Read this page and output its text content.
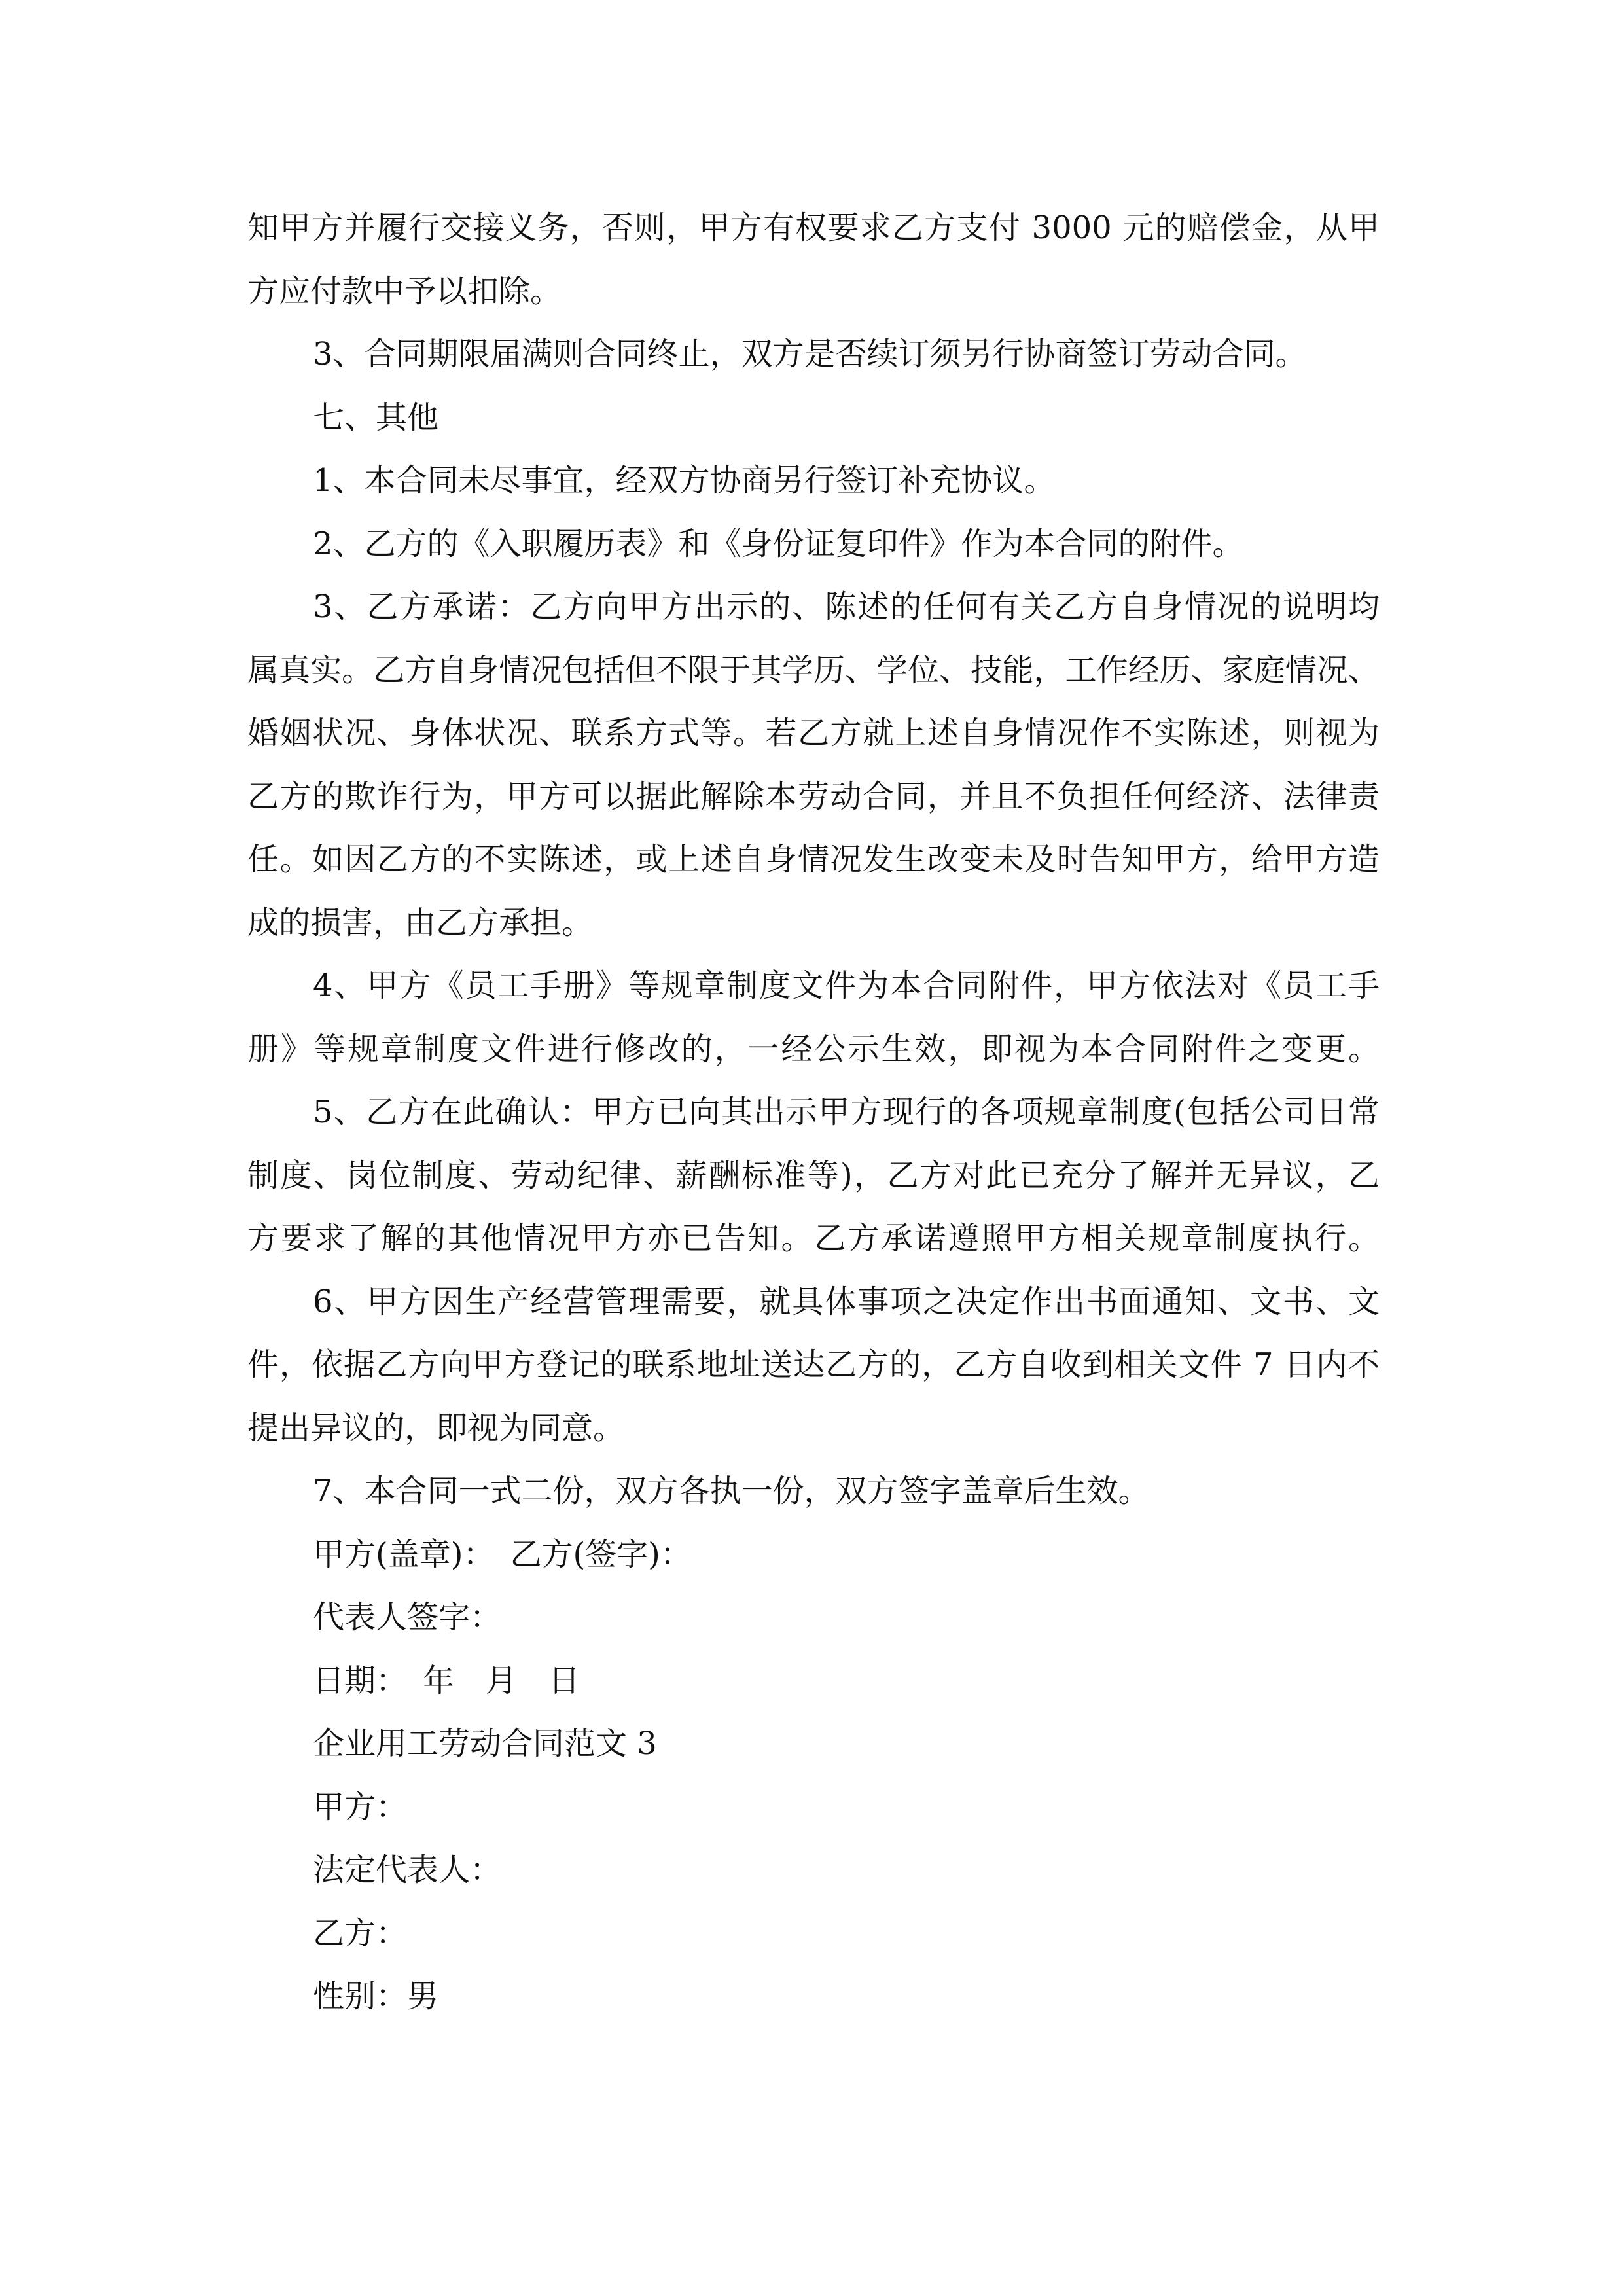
知甲方并履行交接义务，否则，甲方有权要求乙方支付 3000 元的赔偿金，从甲
方应付款中予以扣除。
3、合同期限届满则合同终止，双方是否续订须另行协商签订劳动合同。
七、其他
1、本合同未尽事宜，经双方协商另行签订补充协议。
2、乙方的《入职履历表》和《身份证复印件》作为本合同的附件。
3、乙方承诺：乙方向甲方出示的、陈述的任何有关乙方自身情况的说明均
属真实。乙方自身情况包括但不限于其学历、学位、技能，工作经历、家庭情况、
婚姻状况、身体状况、联系方式等。若乙方就上述自身情况作不实陈述，则视为
乙方的欺诈行为，甲方可以据此解除本劳动合同，并且不负担任何经济、法律责
任。如因乙方的不实陈述，或上述自身情况发生改变未及时告知甲方，给甲方造
成的损害，由乙方承担。
4、甲方《员工手册》等规章制度文件为本合同附件，甲方依法对《员工手
册》等规章制度文件进行修改的，一经公示生效，即视为本合同附件之变更。
5、乙方在此确认：甲方已向其出示甲方现行的各项规章制度(包括公司日常
制度、岗位制度、劳动纪律、薪酬标准等)，乙方对此已充分了解并无异议，乙
方要求了解的其他情况甲方亦已告知。乙方承诺遵照甲方相关规章制度执行。
6、甲方因生产经营管理需要，就具体事项之决定作出书面通知、文书、文
件，依据乙方向甲方登记的联系地址送达乙方的，乙方自收到相关文件 7 日内不
提出异议的，即视为同意。
7、本合同一式二份，双方各执一份，双方签字盖章后生效。
甲方(盖章)：　乙方(签字)：
代表人签字：
日期：　年　月　日
企业用工劳动合同范文 3
甲方：
法定代表人：
乙方：
性别：男
